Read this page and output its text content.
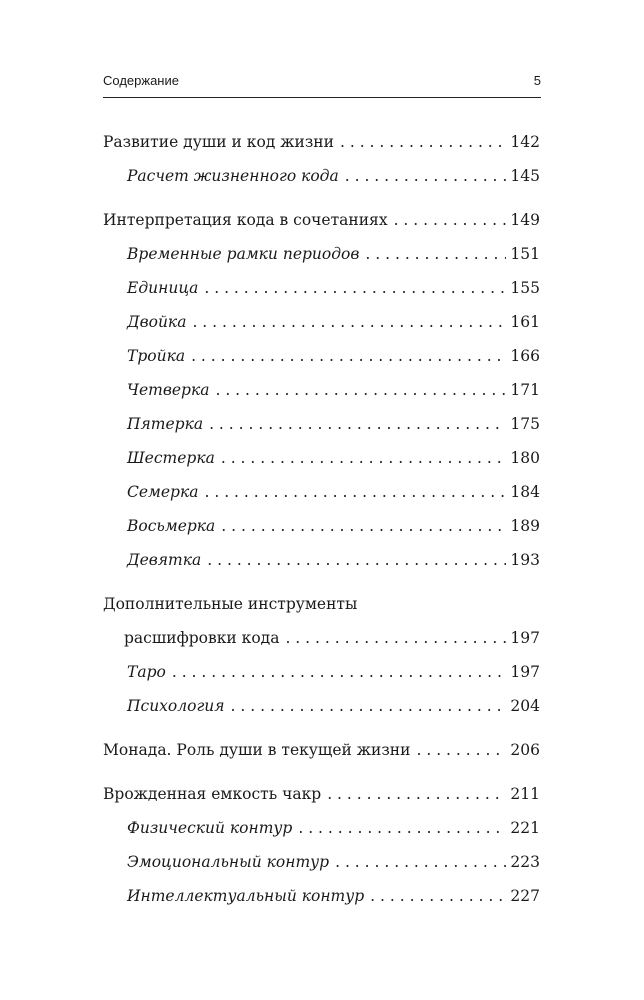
Содержание	5
Развитие души и код жизни . . .	142
Расчет жизненного кода . . .	145
Интерпретация кода в сочетаниях . . .	149
Временные рамки периодов . . .	151
Единица . . .	155
Двойка . . .	161
Тройка . . .	166
Четверка . . .	171
Пятерка . . .	175
Шестерка . . .	180
Семерка . . .	184
Восьмерка . . .	189
Девятка . . .	193
Дополнительные инструменты
расшифровки кода . . .	197
Таро . . .	197
Психология . . .	204
Монада. Роль души в текущей жизни . . .	206
Врожденная емкость чакр . . .	211
Физический контур . . .	221
Эмоциональный контур . . .	223
Интеллектуальный контур . . .	227
